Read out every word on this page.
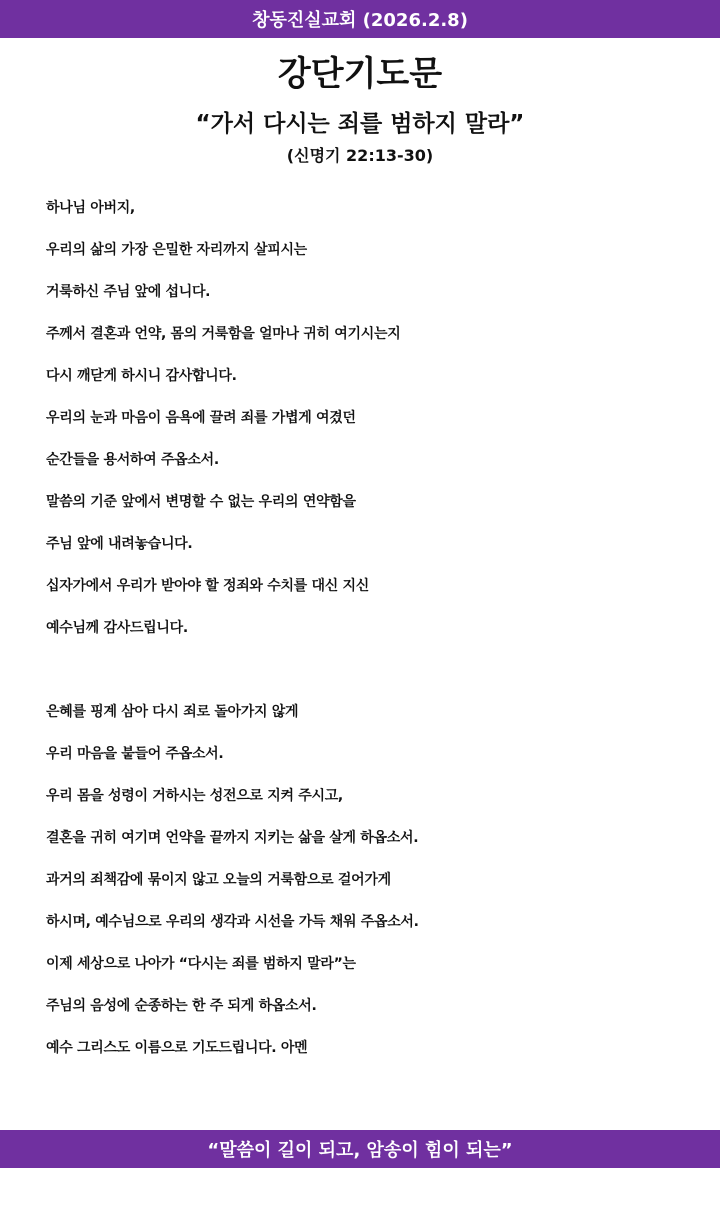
창동진실교회 (2026.2.8)
강단기도문
“가서 다시는 죄를 범하지 말라”
(신명기 22:13-30)
하나님 아버지,
우리의 삶의 가장 은밀한 자리까지 살피시는
거룩하신 주님 앞에 섭니다.
주께서 결혼과 언약, 몸의 거룩함을 얼마나 귀히 여기시는지
다시 깨닫게 하시니 감사합니다.
우리의 눈과 마음이 음욕에 끌려 죄를 가볍게 여겼던
순간들을 용서하여 주옵소서.
말씀의 기준 앞에서 변명할 수 없는 우리의 연약함을
주님 앞에 내려놓습니다.
십자가에서 우리가 받아야 할 정죄와 수치를 대신 지신
예수님께 감사드립니다.
은혜를 핑계 삼아 다시 죄로 돌아가지 않게
우리 마음을 붙들어 주옵소서.
우리 몸을 성령이 거하시는 성전으로 지켜 주시고,
결혼을 귀히 여기며 언약을 끝까지 지키는 삶을 살게 하옵소서.
과거의 죄책감에 묶이지 않고 오늘의 거룩함으로 걸어가게
하시며, 예수님으로 우리의 생각과 시선을 가득 채워 주옵소서.
이제 세상으로 나아가 “다시는 죄를 범하지 말라”는
주님의 음성에 순종하는 한 주 되게 하옵소서.
예수 그리스도 이름으로 기도드립니다. 아멘
“말씀이 길이 되고, 암송이 힘이 되는”
